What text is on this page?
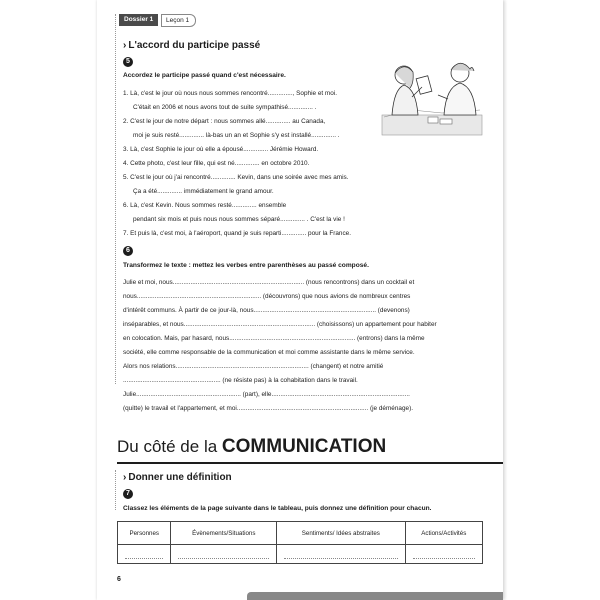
Dossier 1	Leçon 1
› L'accord du participe passé
5
Accordez le participe passé quand c'est nécessaire.
1. Là, c'est le jour où nous nous sommes rencontré.............., Sophie et moi.
C'était en 2006 et nous avons tout de suite sympathisé.............. .
2. C'est le jour de notre départ : nous sommes allé.............. au Canada,
moi je suis resté.............. là-bas un an et Sophie s'y est installé.............. .
3. Là, c'est Sophie le jour où elle a épousé.............. Jérémie Howard.
4. Cette photo, c'est leur fille, qui est né.............. en octobre 2010.
5. C'est le jour où j'ai rencontré.............. Kevin, dans une soirée avec mes amis.
Ça a été.............. immédiatement le grand amour.
6. Là, c'est Kevin. Nous sommes resté.............. ensemble
pendant six mois et puis nous nous sommes séparé.............. . C'est la vie !
7. Et puis là, c'est moi, à l'aéroport, quand je suis reparti.............. pour la France.
6
Transformez le texte : mettez les verbes entre parenthèses au passé composé.
Julie et moi, nous.......................................................................... (nous rencontrons) dans un cocktail et
nous...................................................................... (découvrons) que nous avions de nombreux centres
d'intérêt communs. À partir de ce jour-là, nous..................................................................... (devenons)
inséparables, et nous.......................................................................... (choisissons) un appartement pour habiter
en colocation. Mais, par hasard, nous....................................................................... (entrons) dans la même
société, elle comme responsable de la communication et moi comme assistante dans le même service.
Alors nos relations........................................................................... (changent) et notre amitié
....................................................... (ne résiste pas) à la cohabitation dans le travail.
Julie........................................................... (part), elle..............................................................................
(quitte) le travail et l'appartement, et moi.......................................................................... (je déménage).
Du côté de la COMMUNICATION
› Donner une définition
7
Classez les éléments de la page suivante dans le tableau, puis donnez une définition pour chacun.
Personnes	Évènements/Situations	Sentiments/ Idées abstraites	Actions/Activités

6
